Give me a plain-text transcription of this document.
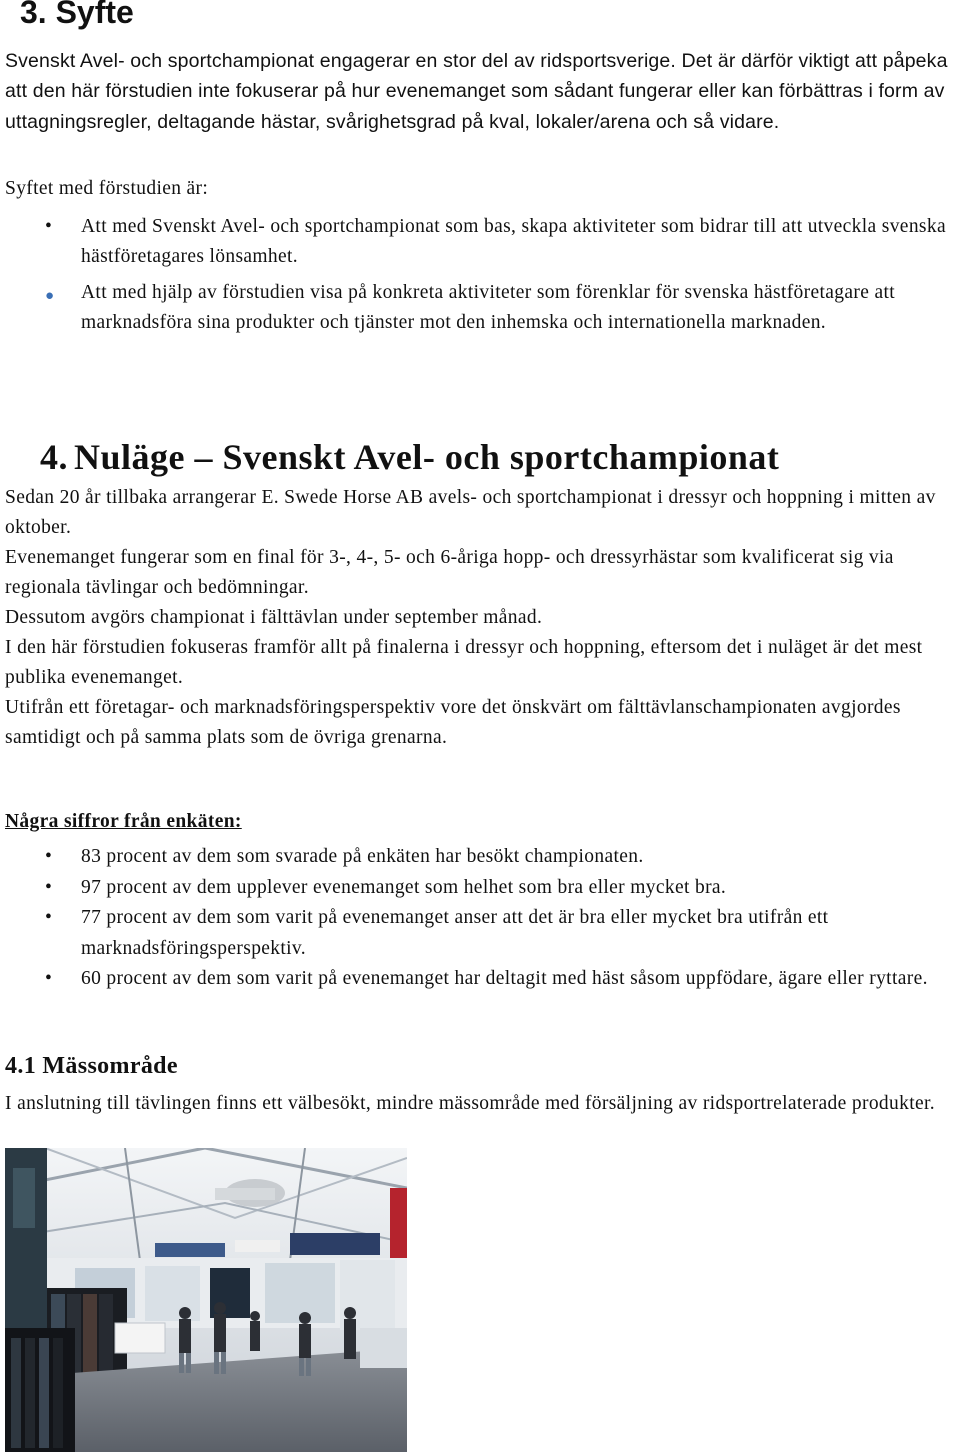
3. Syfte

Svenskt Avel- och sportchampionat engagerar en stor del av ridsportsverige. Det är därför viktigt att påpeka att den här förstudien inte fokuserar på hur evenemanget som sådant fungerar eller kan förbättras i form av uttagningsregler, deltagande hästar, svårighetsgrad på kval, lokaler/arena och så vidare.

Syftet med förstudien är:

• Att med Svenskt Avel- och sportchampionat som bas, skapa aktiviteter som bidrar till att utveckla svenska hästföretagares lönsamhet.
● Att med hjälp av förstudien visa på konkreta aktiviteter som förenklar för svenska hästföretagare att marknadsföra sina produkter och tjänster mot den inhemska och internationella marknaden.
4. Nuläge – Svenskt Avel- och sportchampionat

Sedan 20 år tillbaka arrangerar E. Swede Horse AB avels- och sportchampionat i dressyr och hoppning i mitten av oktober.

Evenemanget fungerar som en final för 3-, 4-, 5- och 6-åriga hopp- och dressyrhästar som kvalificerat sig via regionala tävlingar och bedömningar.

Dessutom avgörs championat i fälttävlan under september månad.

I den här förstudien fokuseras framför allt på finalerna i dressyr och hoppning, eftersom det i nuläget är det mest publika evenemanget.

Utifrån ett företagar- och marknadsföringsperspektiv vore det önskvärt om fälttävlanschampionaten avgjordes samtidigt och på samma plats som de övriga grenarna.

Några siffror från enkäten:

• 83 procent av dem som svarade på enkäten har besökt championaten.
• 97 procent av dem upplever evenemanget som helhet som bra eller mycket bra.
• 77 procent av dem som varit på evenemanget anser att det är bra eller mycket bra utifrån ett marknadsföringsperspektiv.
• 60 procent av dem som varit på evenemanget har deltagit med häst såsom uppfödare, ägare eller ryttare.
4.1 Mässområde

I anslutning till tävlingen finns ett välbesökt, mindre mässområde med försäljning av ridsportrelaterade produkter.
